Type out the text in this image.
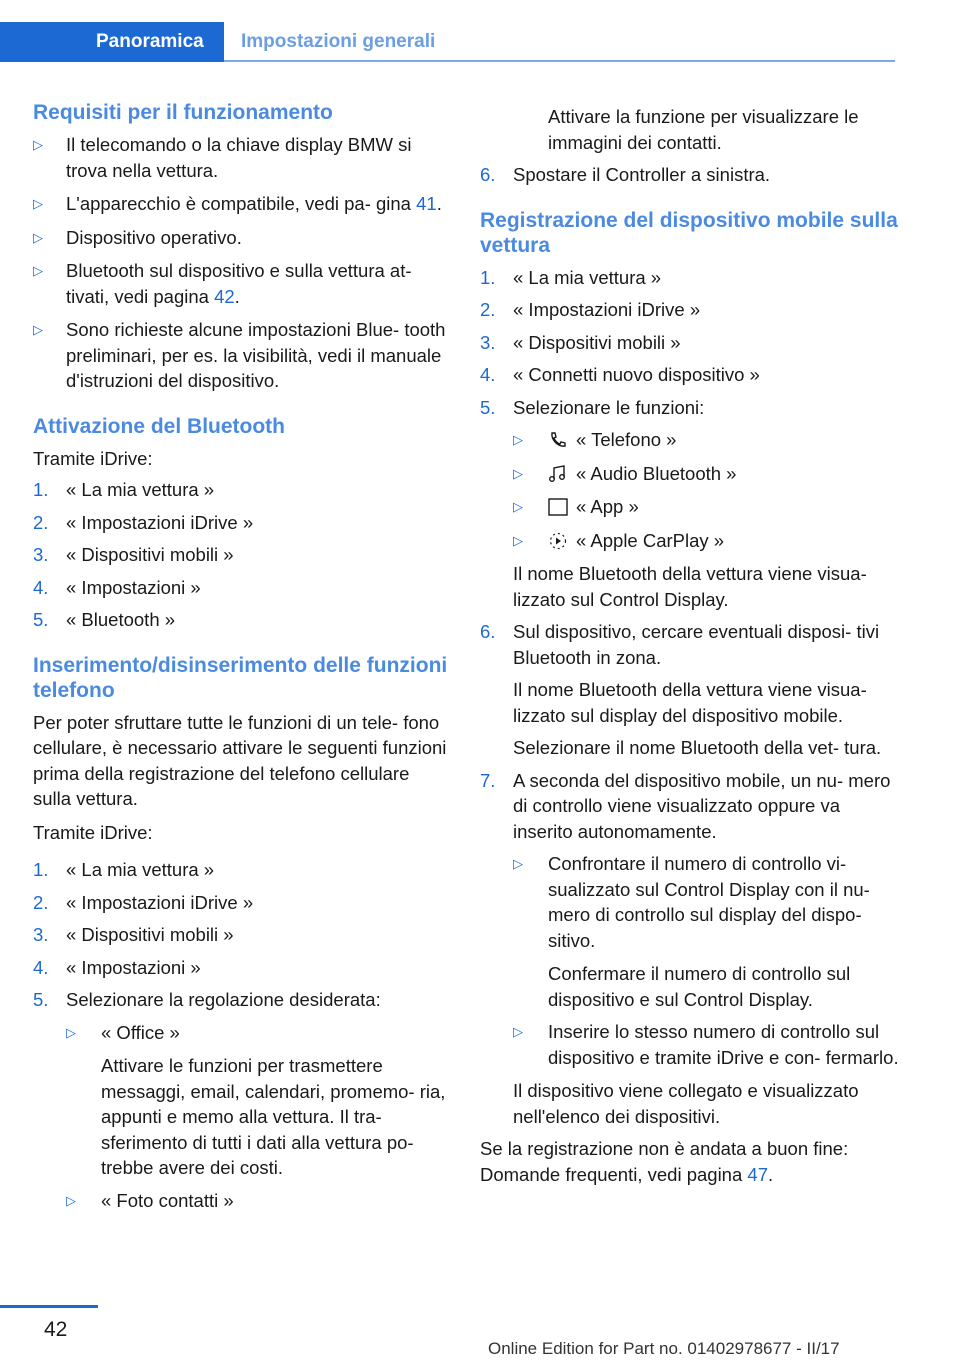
Panoramica	Impostazioni generali
Requisiti per il funzionamento
▷ Il telecomando o la chiave display BMW si trova nella vettura.
▷ L'apparecchio è compatibile, vedi pa‐ gina 41.
▷ Dispositivo operativo.
▷ Bluetooth sul dispositivo e sulla vettura at‐ tivati, vedi pagina 42.
▷ Sono richieste alcune impostazioni Blue‐ tooth preliminari, per es. la visibilità, vedi il manuale d'istruzioni del dispositivo.
Attivazione del Bluetooth
Tramite iDrive:
1. « La mia vettura »
2. « Impostazioni iDrive »
3. « Dispositivi mobili »
4. « Impostazioni »
5. « Bluetooth »
Inserimento/disinserimento delle funzioni telefono
Per poter sfruttare tutte le funzioni di un tele‐ fono cellulare, è necessario attivare le seguenti funzioni prima della registrazione del telefono cellulare sulla vettura.
Tramite iDrive:
1. « La mia vettura »
2. « Impostazioni iDrive »
3. « Dispositivi mobili »
4. « Impostazioni »
5. Selezionare la regolazione desiderata:
▷ « Office »
Attivare le funzioni per trasmettere messaggi, email, calendari, promemo‐ ria, appunti e memo alla vettura. Il tra‐ sferimento di tutti i dati alla vettura po‐ trebbe avere dei costi.
▷ « Foto contatti »
Attivare la funzione per visualizzare le immagini dei contatti.
6. Spostare il Controller a sinistra.
Registrazione del dispositivo mobile sulla vettura
1. « La mia vettura »
2. « Impostazioni iDrive »
3. « Dispositivi mobili »
4. « Connetti nuovo dispositivo »
5. Selezionare le funzioni:
▷	« Telefono »
▷	« Audio Bluetooth »
▷	« App »
▷	« Apple CarPlay »
Il nome Bluetooth della vettura viene visua‐ lizzato sul Control Display.
6. Sul dispositivo, cercare eventuali disposi‐ tivi Bluetooth in zona.
Il nome Bluetooth della vettura viene visua‐ lizzato sul display del dispositivo mobile.
Selezionare il nome Bluetooth della vet‐ tura.
7. A seconda del dispositivo mobile, un nu‐ mero di controllo viene visualizzato oppure va inserito autonomamente.
▷ Confrontare il numero di controllo vi‐ sualizzato sul Control Display con il nu‐ mero di controllo sul display del dispo‐ sitivo.
Confermare il numero di controllo sul dispositivo e sul Control Display.
▷ Inserire lo stesso numero di controllo sul dispositivo e tramite iDrive e con‐ fermarlo.
Il dispositivo viene collegato e visualizzato nell'elenco dei dispositivi.
Se la registrazione non è andata a buon fine:
Domande frequenti, vedi pagina 47.
42
Online Edition for Part no. 01402978677 - II/17
